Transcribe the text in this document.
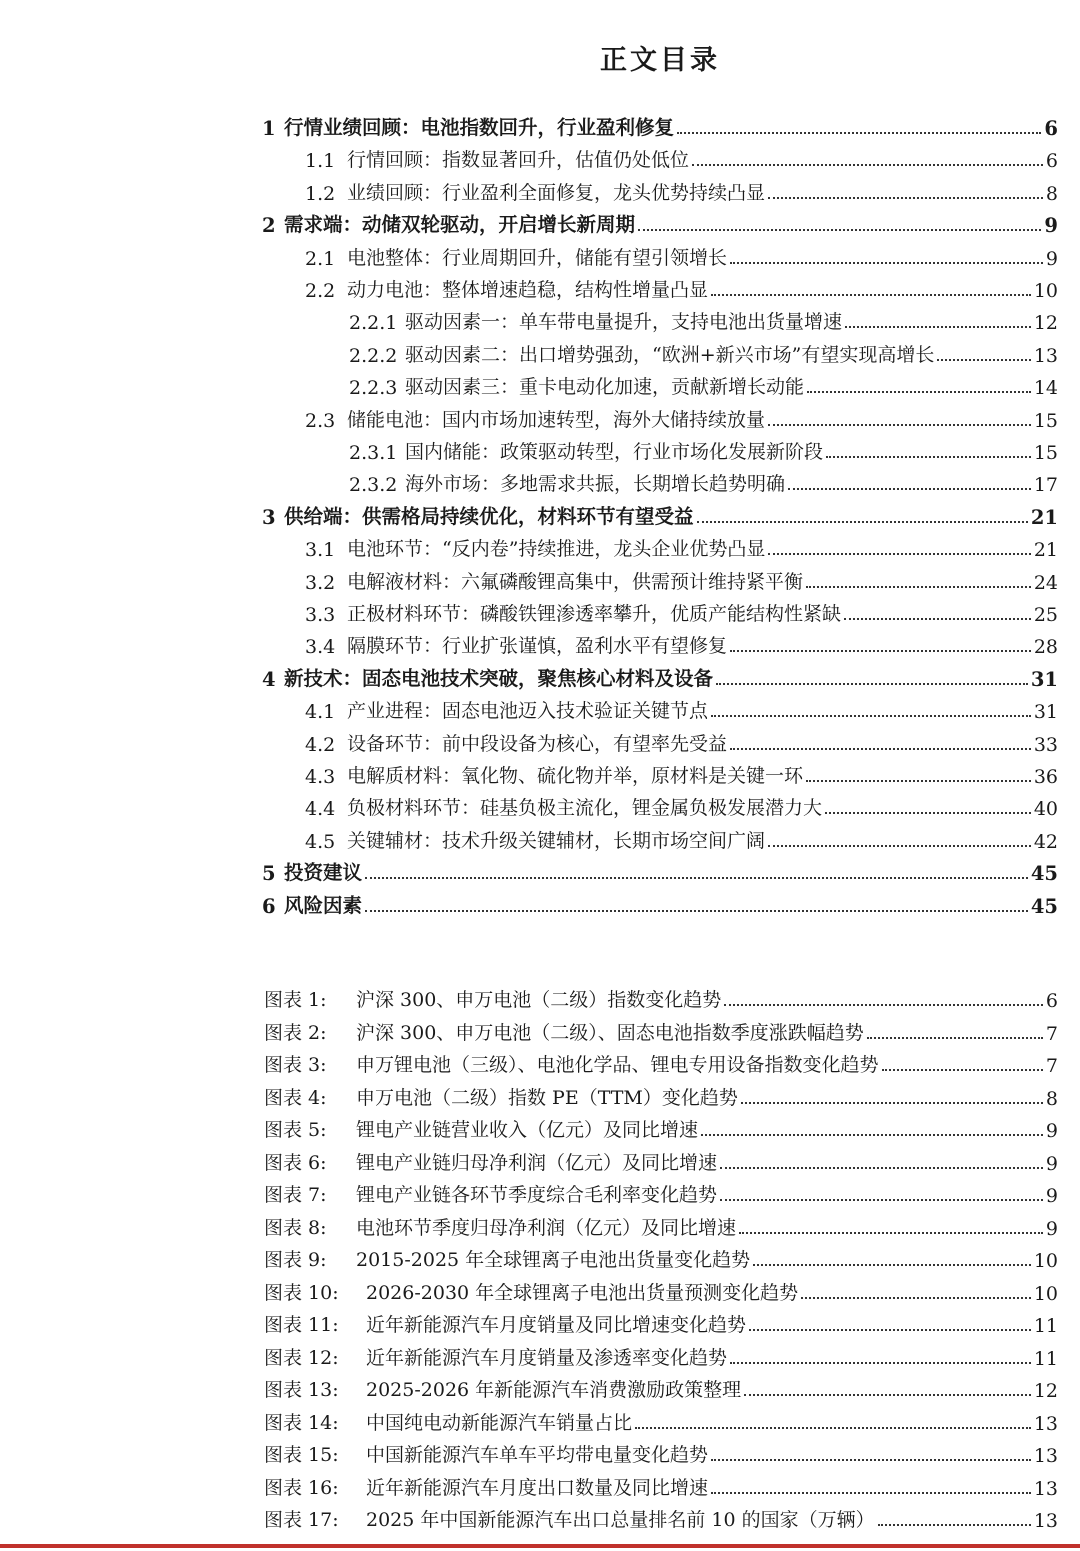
正文目录
1 行情业绩回顾：电池指数回升，行业盈利修复	6
1.1 行情回顾：指数显著回升，估值仍处低位	6
1.2 业绩回顾：行业盈利全面修复，龙头优势持续凸显	8
2 需求端：动储双轮驱动，开启增长新周期	9
2.1 电池整体：行业周期回升，储能有望引领增长	9
2.2 动力电池：整体增速趋稳，结构性增量凸显	10
2.2.1 驱动因素一：单车带电量提升，支持电池出货量增速	12
2.2.2 驱动因素二：出口增势强劲，“欧洲+新兴市场”有望实现高增长	13
2.2.3 驱动因素三：重卡电动化加速，贡献新增长动能	14
2.3 储能电池：国内市场加速转型，海外大储持续放量	15
2.3.1 国内储能：政策驱动转型，行业市场化发展新阶段	15
2.3.2 海外市场：多地需求共振，长期增长趋势明确	17
3 供给端：供需格局持续优化，材料环节有望受益	21
3.1 电池环节：“反内卷”持续推进，龙头企业优势凸显	21
3.2 电解液材料：六氟磷酸锂高集中，供需预计维持紧平衡	24
3.3 正极材料环节：磷酸铁锂渗透率攀升，优质产能结构性紧缺	25
3.4 隔膜环节：行业扩张谨慎，盈利水平有望修复	28
4 新技术：固态电池技术突破，聚焦核心材料及设备	31
4.1 产业进程：固态电池迈入技术验证关键节点	31
4.2 设备环节：前中段设备为核心，有望率先受益	33
4.3 电解质材料：氧化物、硫化物并举，原材料是关键一环	36
4.4 负极材料环节：硅基负极主流化，锂金属负极发展潜力大	40
4.5 关键辅材：技术升级关键辅材，长期市场空间广阔	42
5 投资建议	45
6 风险因素	45
图表 1:	沪深 300、申万电池（二级）指数变化趋势	6
图表 2:	沪深 300、申万电池（二级）、固态电池指数季度涨跌幅趋势	7
图表 3:	申万锂电池（三级）、电池化学品、锂电专用设备指数变化趋势	7
图表 4:	申万电池（二级）指数 PE（TTM）变化趋势	8
图表 5:	锂电产业链营业收入（亿元）及同比增速	9
图表 6:	锂电产业链归母净利润（亿元）及同比增速	9
图表 7:	锂电产业链各环节季度综合毛利率变化趋势	9
图表 8:	电池环节季度归母净利润（亿元）及同比增速	9
图表 9:	2015-2025 年全球锂离子电池出货量变化趋势	10
图表 10:	2026-2030 年全球锂离子电池出货量预测变化趋势	10
图表 11:	近年新能源汽车月度销量及同比增速变化趋势	11
图表 12:	近年新能源汽车月度销量及渗透率变化趋势	11
图表 13:	2025-2026 年新能源汽车消费激励政策整理	12
图表 14:	中国纯电动新能源汽车销量占比	13
图表 15:	中国新能源汽车单车平均带电量变化趋势	13
图表 16:	近年新能源汽车月度出口数量及同比增速	13
图表 17:	2025 年中国新能源汽车出口总量排名前 10 的国家（万辆）	13
